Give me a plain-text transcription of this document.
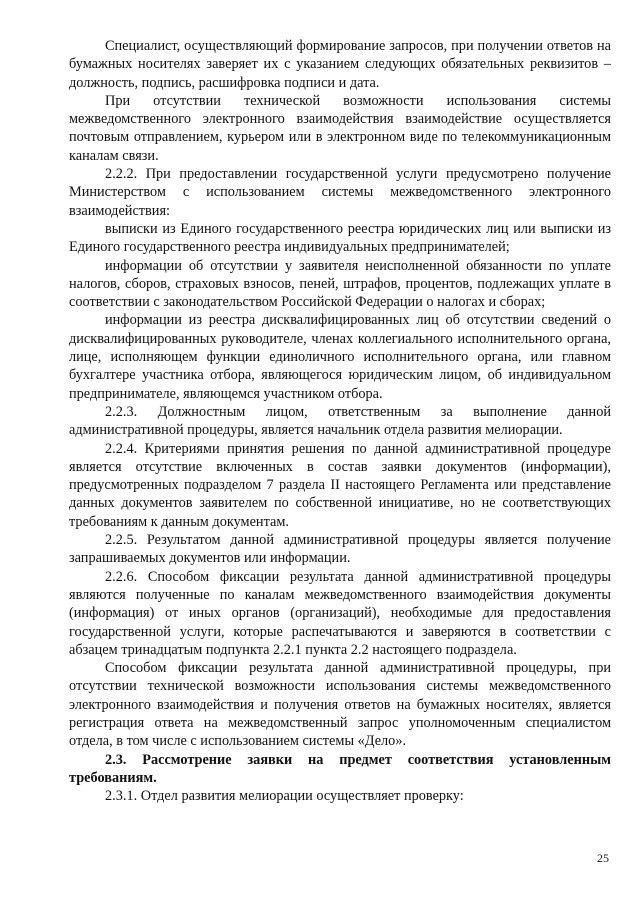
Специалист, осуществляющий формирование запросов, при получении ответов на бумажных носителях заверяет их с указанием следующих обязательных реквизитов – должность, подпись, расшифровка подписи и дата.

При отсутствии технической возможности использования системы межведомственного электронного взаимодействия взаимодействие осуществляется почтовым отправлением, курьером или в электронном виде по телекоммуникационным каналам связи.

2.2.2. При предоставлении государственной услуги предусмотрено получение Министерством с использованием системы межведомственного электронного взаимодействия:

выписки из Единого государственного реестра юридических лиц или выписки из Единого государственного реестра индивидуальных предпринимателей;

информации об отсутствии у заявителя неисполненной обязанности по уплате налогов, сборов, страховых взносов, пеней, штрафов, процентов, подлежащих уплате в соответствии с законодательством Российской Федерации о налогах и сборах;

информации из реестра дисквалифицированных лиц об отсутствии сведений о дисквалифицированных руководителе, членах коллегиального исполнительного органа, лице, исполняющем функции единоличного исполнительного органа, или главном бухгалтере участника отбора, являющегося юридическим лицом, об индивидуальном предпринимателе, являющемся участником отбора.

2.2.3. Должностным лицом, ответственным за выполнение данной административной процедуры, является начальник отдела развития мелиорации.

2.2.4. Критериями принятия решения по данной административной процедуре является отсутствие включенных в состав заявки документов (информации), предусмотренных подразделом 7 раздела II настоящего Регламента или представление данных документов заявителем по собственной инициативе, но не соответствующих требованиям к данным документам.

2.2.5. Результатом данной административной процедуры является получение запрашиваемых документов или информации.

2.2.6. Способом фиксации результата данной административной процедуры являются полученные по каналам межведомственного взаимодействия документы (информация) от иных органов (организаций), необходимые для предоставления государственной услуги, которые распечатываются и заверяются в соответствии с абзацем тринадцатым подпункта 2.2.1 пункта 2.2 настоящего подраздела.

Способом фиксации результата данной административной процедуры, при отсутствии технической возможности использования системы межведомственного электронного взаимодействия и получения ответов на бумажных носителях, является регистрация ответа на межведомственный запрос уполномоченным специалистом отдела, в том числе с использованием системы «Дело».

2.3. Рассмотрение заявки на предмет соответствия установленным требованиям.

2.3.1. Отдел развития мелиорации осуществляет проверку:

25
